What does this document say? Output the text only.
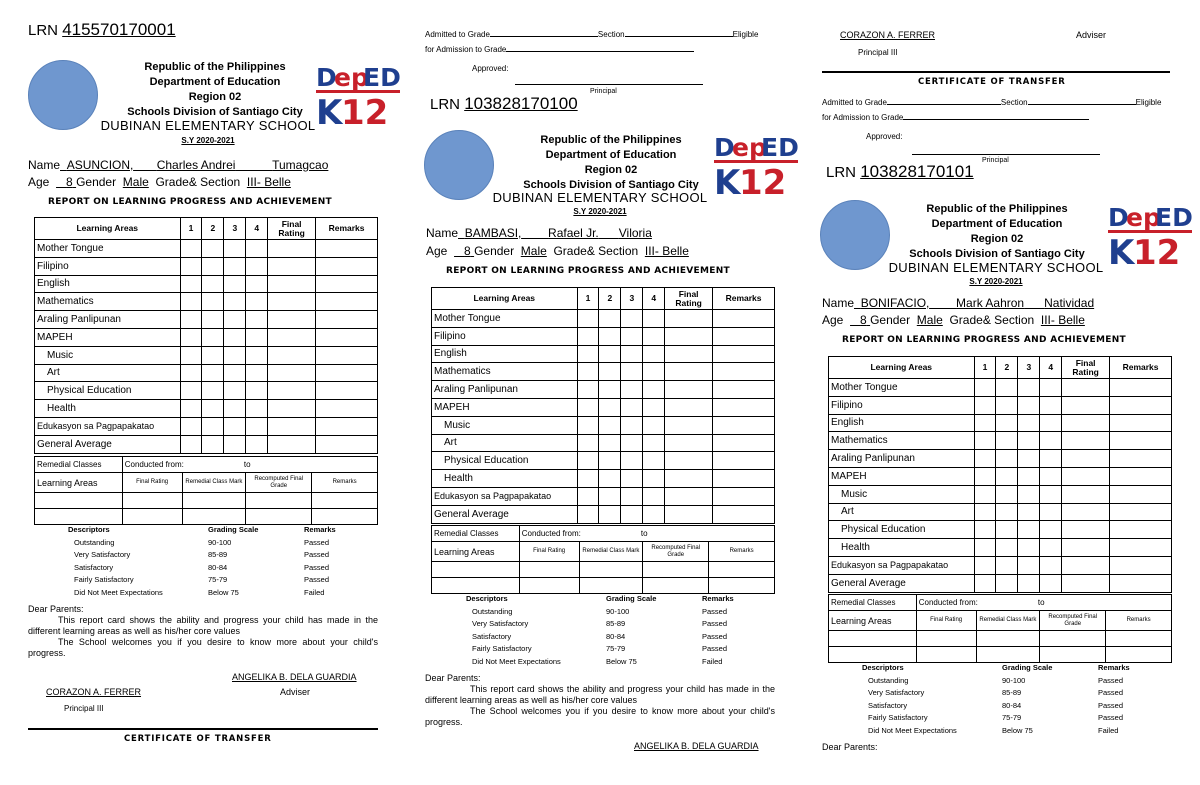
LRN 415570170001
Republic of the Philippines
Department of Education
Region 02
Schools Division of Santiago City
DUBINAN ELEMENTARY SCHOOL
S.Y 2020-2021
Name ASUNCION, Charles Andrei	Tumagcao
Age 8 Gender Male Grade& Section III- Belle
REPORT ON LEARNING PROGRESS AND ACHIEVEMENT
Learning Areas	1	2	3	4	Final Rating	Remarks
Mother Tongue						
Filipino						
English						
Mathematics						
Araling Panlipunan						
MAPEH						
Music						
Art						
Physical Education						
Health						
Edukasyon sa Pagpapakatao						
General Average						
Remedial Classes	Conducted from: to			
Learning Areas	Final Rating	Remedial Class Mark	Recomputed Final Grade	Remarks

Descriptors	Grading Scale	Remarks
Outstanding	90-100	Passed
Very Satisfactory	85-89	Passed
Satisfactory	80-84	Passed
Fairly Satisfactory	75-79	Passed
Did Not Meet Expectations	Below 75	Failed
Dear Parents:
This report card shows the ability and progress your child has made in the different learning areas as well as his/her core values
The School welcomes you if you desire to know more about your child's progress.
ANGELIKA B. DELA GUARDIA
CORAZON A. FERRER	Adviser
Principal III
CERTIFICATE OF TRANSFER
Admitted to Grade	Section	Eligible
for Admission to Grade
Approved:
Principal
LRN 103828170100
Republic of the Philippines
Department of Education
Region 02
Schools Division of Santiago City
DUBINAN ELEMENTARY SCHOOL
S.Y 2020-2021
Name BAMBASI, Rafael Jr. Viloria
Age 8 Gender Male Grade& Section III- Belle
REPORT ON LEARNING PROGRESS AND ACHIEVEMENT
Learning Areas	1	2	3	4	Final Rating	Remarks
Mother Tongue						
Filipino						
English						
Mathematics						
Araling Panlipunan						
MAPEH						
Music						
Art						
Physical Education						
Health						
Edukasyon sa Pagpapakatao						
General Average						
Remedial Classes	Conducted from: to			
Learning Areas	Final Rating	Remedial Class Mark	Recomputed Final Grade	Remarks

Descriptors	Grading Scale	Remarks
Outstanding	90-100	Passed
Very Satisfactory	85-89	Passed
Satisfactory	80-84	Passed
Fairly Satisfactory	75-79	Passed
Did Not Meet Expectations	Below 75	Failed
Dear Parents:
This report card shows the ability and progress your child has made in the different learning areas as well as his/her core values
The School welcomes you if you desire to know more about your child's progress.
ANGELIKA B. DELA GUARDIA
CORAZON A. FERRER	Adviser
Principal III
CERTIFICATE OF TRANSFER
Admitted to Grade	Section	Eligible
for Admission to Grade
Approved:
Principal
LRN 103828170101
Republic of the Philippines
Department of Education
Region 02
Schools Division of Santiago City
DUBINAN ELEMENTARY SCHOOL
S.Y 2020-2021
Name BONIFACIO, Mark Aahron Natividad
Age 8 Gender Male Grade& Section III- Belle
REPORT ON LEARNING PROGRESS AND ACHIEVEMENT
Learning Areas	1	2	3	4	Final Rating	Remarks
Mother Tongue						
Filipino						
English						
Mathematics						
Araling Panlipunan						
MAPEH						
Music						
Art						
Physical Education						
Health						
Edukasyon sa Pagpapakatao						
General Average						
Remedial Classes	Conducted from: to			
Learning Areas	Final Rating	Remedial Class Mark	Recomputed Final Grade	Remarks

Descriptors	Grading Scale	Remarks
Outstanding	90-100	Passed
Very Satisfactory	85-89	Passed
Satisfactory	80-84	Passed
Fairly Satisfactory	75-79	Passed
Did Not Meet Expectations	Below 75	Failed
Dear Parents:
